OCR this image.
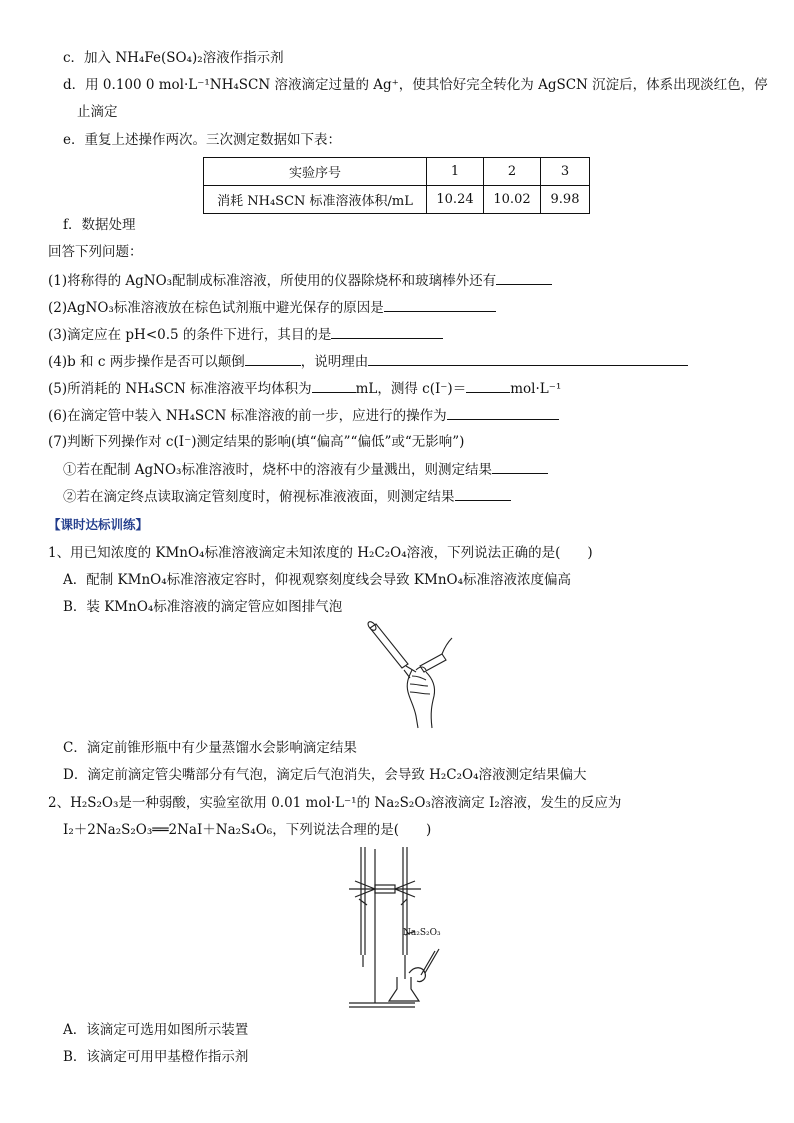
c．加入 NH₄Fe(SO₄)₂溶液作指示剂
d．用 0.100 0 mol·L⁻¹NH₄SCN 溶液滴定过量的 Ag⁺，使其恰好完全转化为 AgSCN 沉淀后，体系出现淡红色，停
止滴定
e．重复上述操作两次。三次测定数据如下表：
实验序号	1	2	3
消耗 NH₄SCN 标准溶液体积/mL	10.24	10.02	9.98
f．数据处理
回答下列问题：
(1)将称得的 AgNO₃配制成标准溶液，所使用的仪器除烧杯和玻璃棒外还有
(2)AgNO₃标准溶液放在棕色试剂瓶中避光保存的原因是
(3)滴定应在 pH<0.5 的条件下进行，其目的是
(4)b 和 c 两步操作是否可以颠倒	，说明理由
(5)所消耗的 NH₄SCN 标准溶液平均体积为	mL，测得 c(I⁻)＝	mol·L⁻¹
(6)在滴定管中装入 NH₄SCN 标准溶液的前一步，应进行的操作为
(7)判断下列操作对 c(I⁻)测定结果的影响(填“偏高”“偏低”或“无影响”)
①若在配制 AgNO₃标准溶液时，烧杯中的溶液有少量溅出，则测定结果
②若在滴定终点读取滴定管刻度时，俯视标准液液面，则测定结果
【课时达标训练】
1、用已知浓度的 KMnO₄标准溶液滴定未知浓度的 H₂C₂O₄溶液，下列说法正确的是(　　)
A．配制 KMnO₄标准溶液定容时，仰视观察刻度线会导致 KMnO₄标准溶液浓度偏高
B．装 KMnO₄标准溶液的滴定管应如图排气泡
C．滴定前锥形瓶中有少量蒸馏水会影响滴定结果
D．滴定前滴定管尖嘴部分有气泡，滴定后气泡消失，会导致 H₂C₂O₄溶液测定结果偏大
2、H₂S₂O₃是一种弱酸，实验室欲用 0.01 mol·L⁻¹的 Na₂S₂O₃溶液滴定 I₂溶液，发生的反应为
I₂＋2Na₂S₂O₃══2NaI＋Na₂S₄O₆，下列说法合理的是(　　)
Na₂S₂O₃
A．该滴定可选用如图所示装置
B．该滴定可用甲基橙作指示剂
